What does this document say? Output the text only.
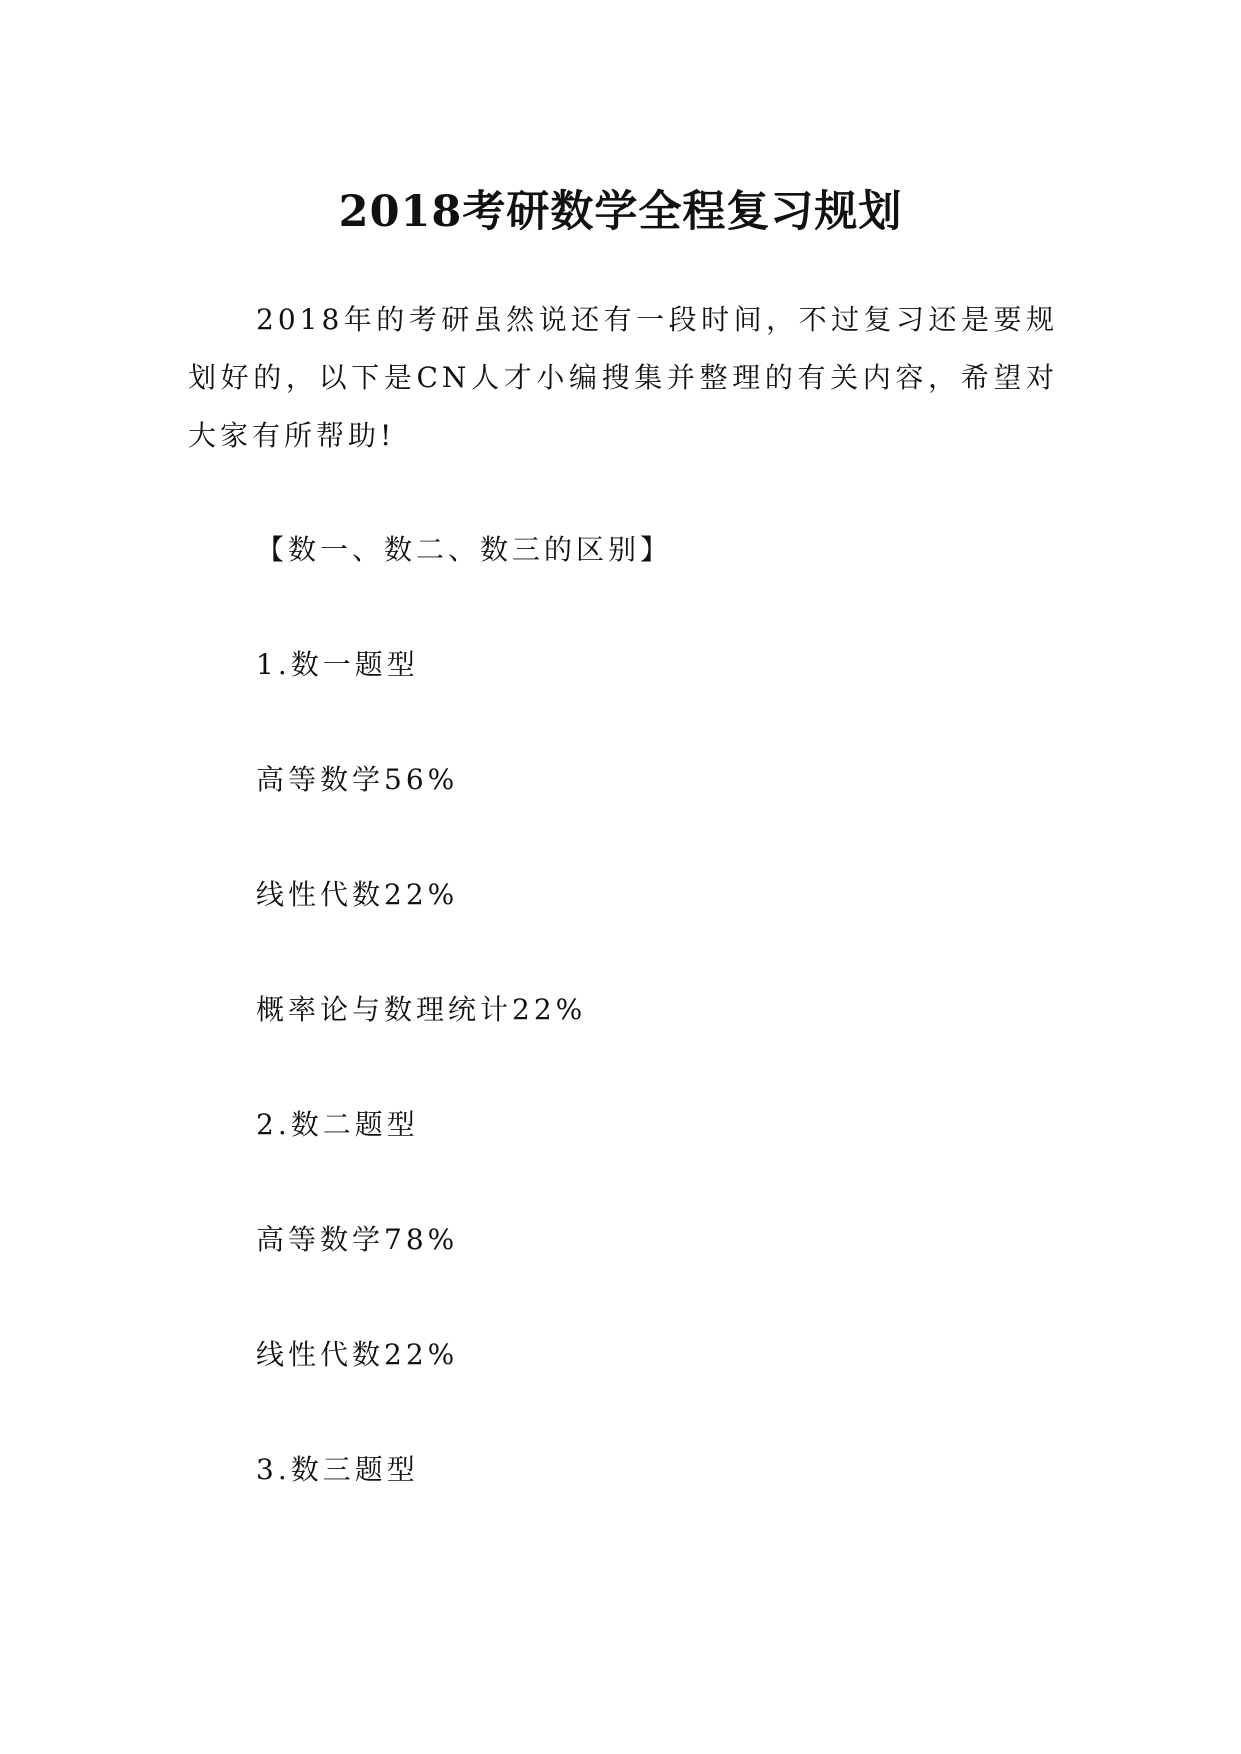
2018考研数学全程复习规划

2018年的考研虽然说还有一段时间，不过复习还是要规划好的，以下是CN人才小编搜集并整理的有关内容，希望对大家有所帮助!

【数一、数二、数三的区别】

1.数一题型

高等数学56%

线性代数22%

概率论与数理统计22%

2.数二题型

高等数学78%

线性代数22%

3.数三题型
